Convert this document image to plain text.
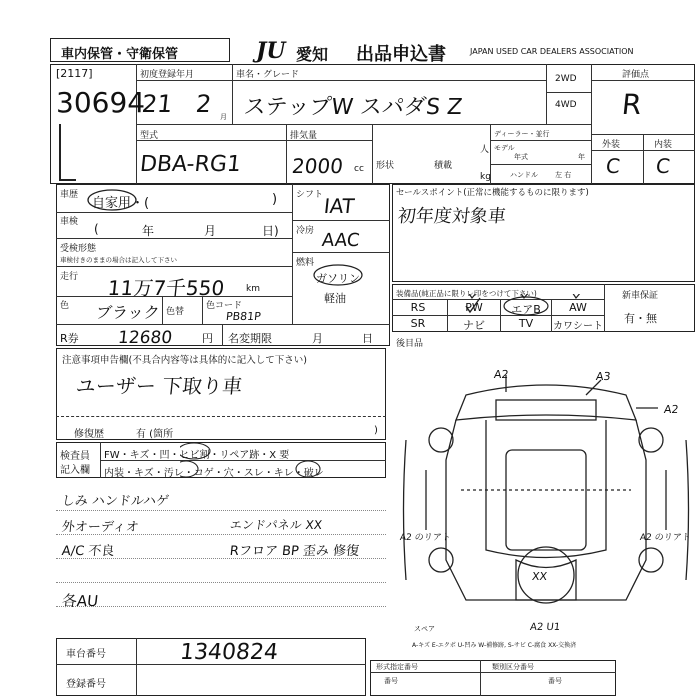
車内保管・守衛保管	JU 愛知 出品申込書	JAPAN USED CAR DEALERS ASSOCIATION
[2117]
30694
初度登録年月
21 2 月
車名・グレード
ステップW スパダS Z
2WD
4WD
評価点
R
外装	内装
C C
型式
DBA-RG1
排気量
2000 cc 形状	積載
人
kg
ディーラー・並行
モデル
年式	年
ハンドル 左 右
車歴
自家用・(	)
車検 (	年	月	日)
受検形態
車検付きのままの場合は記入して下さい
走行 11万7千550 km
色 ブラック 色替
色コード
PB81P
シフト IAT
冷房 AAC
燃料
ガソリン
軽油
R券 12680	円 名変期限	月	日
セールスポイント(正常に機能するものに限ります)
初年度対象車
装備品(純正品に限りレ印をつけて下さい)
RS	PW	エアB	AW
SR	ナビ	TV	カワシート
新車保証
有・無
注意事項申告欄(不具合内容等は具体的に記入して下さい)
ユーザー 下取り車
修復歴	有 (箇所	)
検査員
記入欄
FW・キズ・凹・ヒビ割・リペア跡・X 要
内装・キズ・汚レ・コゲ・穴・スレ・キレ・破レ
しみ ハンドルハゲ
外オーディオ	エンドパネル XX
A/C 不良	Rフロア BP 歪み 修復
各AU
後目品
A2	A3
A2
A2 のリアト	A2 のリアト
XX
A2 U1
スペア
A-キズ E-エクボ U-凹み W-補修跡, S-サビ C-腐食 XX-交換済
車台番号	1340824
登録番号
形式指定番号	類別区分番号
番号	番号
